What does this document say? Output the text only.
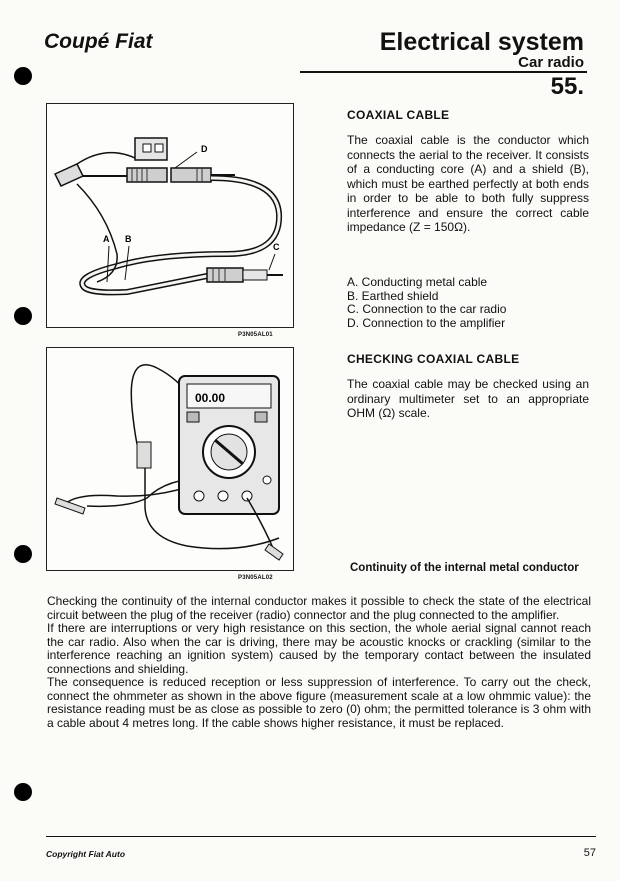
Coupé Fiat	Electrical system
Car radio
55.
D
A B
C
P3N05AL01
00.00
P3N05AL02
COAXIAL CABLE
The coaxial cable is the conductor which connects the aerial to the receiver. It consists of a conducting core (A) and a shield (B), which must be earthed perfectly at both ends in order to be able to both fully suppress interference and ensure the correct cable impedance (Z = 150Ω).
A. Conducting metal cable
B. Earthed shield
C. Connection to the car radio
D. Connection to the amplifier
CHECKING COAXIAL CABLE
The coaxial cable may be checked using an ordinary multimeter set to an appropriate OHM (Ω) scale.
Continuity of the internal metal conductor

Checking the continuity of the internal conductor makes it possible to check the state of the electrical circuit between the plug of the receiver (radio) connector and the plug connected to the amplifier.

If there are interruptions or very high resistance on this section, the whole aerial signal cannot reach the car radio. Also when the car is driving, there may be acoustic knocks or crackling (similar to the interference reaching an ignition system) caused by the temporary contact between the insulated connections and shielding.

The consequence is reduced reception or less suppression of interference. To carry out the check, connect the ohmmeter as shown in the above figure (measurement scale at a low ohmmic value): the resistance reading must be as close as possible to zero (0) ohm; the permitted tolerance is 3 ohm with a cable about 4 metres long. If the cable shows higher resistance, it must be replaced.

Copyright Fiat Auto	57
